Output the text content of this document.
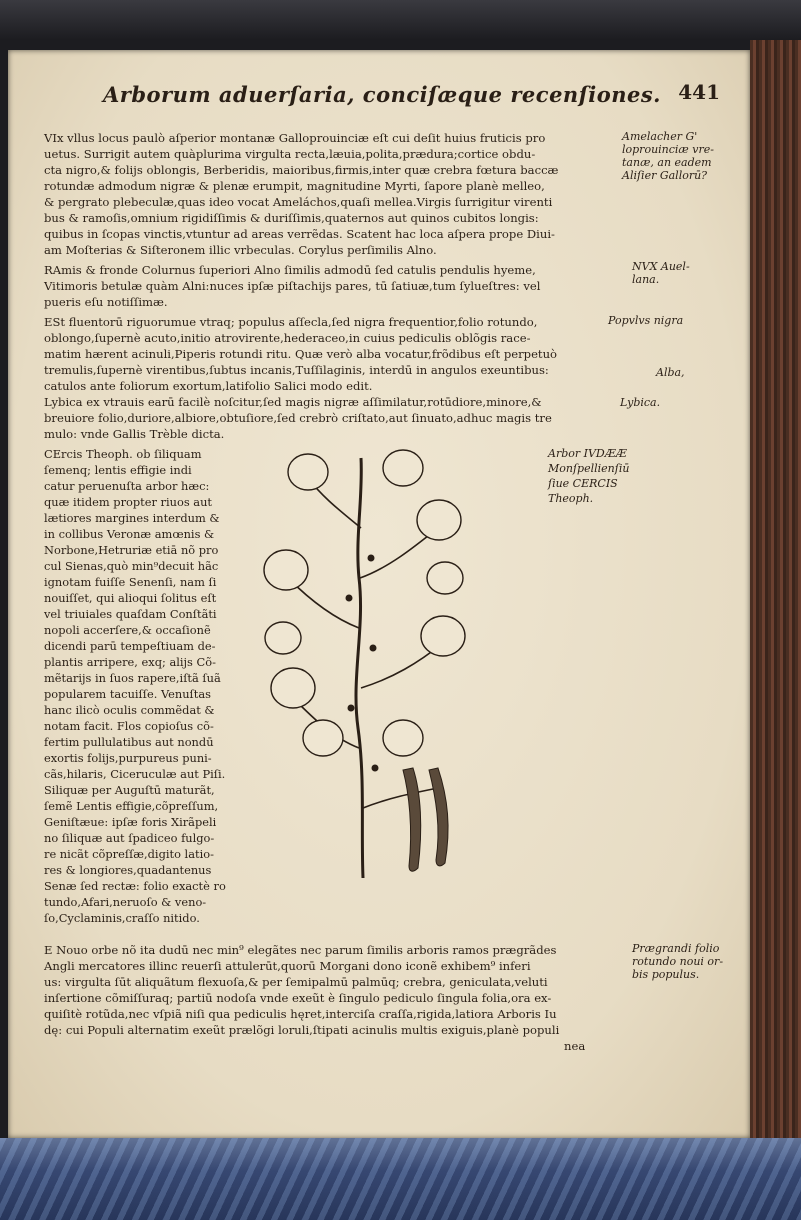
Arborum aduerſaria, conciſæque recenſiones. 441
VIx vllus locus paulò aſperior montanæ Galloprouinciæ eſt cui deſit huius fruticis pro
uetus. Surrigit autem quàplurima virgulta recta,læuia,polita,prædura;cortice obdu-
cta nigro,& folijs oblongis, Berberidis, maioribus,firmis,inter quæ crebra fœtura baccæ
rotundæ admodum nigræ & plenæ erumpit, magnitudine Myrti, ſapore planè melleo,
& pergrato plebeculæ,quas ideo vocat Ameláchos,quaſi mellea.Virgis ſurrigitur virenti
bus & ramoſis,omnium rigidiſſimis & duriſſimis,quaternos aut quinos cubitos longis:
quibus in ſcopas vinctis,vtuntur ad areas verrẽdas. Scatent hac loca aſpera prope Diui-
am Moſterias & Siſteronem illic vrbeculas. Corylus perſimilis Alno.
RAmis & fronde Colurnus ſuperiori Alno ſimilis admodū ſed catulis pendulis hyeme,
Vitimoris betulæ quàm Alni:nuces ipſæ piſtachijs pares, tū ſatiuæ,tum ſylueſtres: vel
pueris eſu notiſſimæ.
ESt fluentorū riguorumue vtraq; populus aſſecla,ſed nigra frequentior,folio rotundo,
oblongo,ſupernè acuto,initio atrovirente,hederaceo,in cuius pediculis oblõgis race-
matim hærent acinuli,Piperis rotundi ritu. Quæ verò alba vocatur,frõdibus eſt perpetuò
tremulis,ſupernè virentibus,ſubtus incanis,Tuſſilaginis, interdū in angulos exeuntibus:
catulos ante foliorum exortum,latifolio Salici modo edit.
Lybica ex vtrauis earū facilè noſcitur,ſed magis nigræ aſſimilatur,rotūdiore,minore,&
breuiore folio,duriore,albiore,obtuſiore,ſed crebrò criſtato,aut ſinuato,adhuc magis tre
mulo: vnde Gallis Trèble dicta.
CErcis Theoph. ob ſiliquam
ſemenq; lentis effigie indi
catur peruenuſta arbor hæc:
quæ itidem propter riuos aut
lætiores margines interdum &
in collibus Veronæ amœnis &
Norbone,Hetruriæ etiā nõ pro
cul Sienas,quò min⁹decuit hãc
ignotam fuiſſe Senenſi, nam ſi
nouiſſet, qui alioqui ſolitus eſt
vel triuiales quaſdam Conſtãti
nopoli accerſere,& occaſionẽ
dicendi parū tempeſtiuam de-
plantis arripere, exq; alijs Cõ-
mẽtarijs in ſuos rapere,iſtã ſuã
popularem tacuiſſe. Venuſtas
hanc ilicò oculis commẽdat &
notam facit. Flos copioſus cõ-
fertim pullulatibus aut nondū
exortis folijs,purpureus puni-
cãs,hilaris, Ciceruculæ aut Piſi.
Siliquæ per Auguſtū maturãt,
ſemẽ Lentis effigie,cõpreſſum,
Geniſtæue: ipſæ foris Xirãpeli
no ſiliquæ aut ſpadiceo fulgo-
re nicãt cõpreſſæ,digito latio-
res & longiores,quadantenus
Senæ ſed rectæ: folio exactè ro
tundo,Afari,neruoſo & veno-
ſo,Cyclaminis,craſſo nitido.
E Nouo orbe nõ ita dudū nec min⁹ elegãtes nec parum ſimilis arboris ramos prægrãdes
Angli mercatores illinc reuerſi attulerūt,quorū Morgani dono iconẽ exhibem⁹ inferi
us: virgulta ſūt aliquãtum flexuoſa,& per ſemipalmū palmūq; crebra, geniculata,veluti
inſertione cõmiſſuraq; partiū nodoſa vnde exeũt è ſingulo pediculo ſingula folia,ora ex-
quiſitè rotũda,nec vſpiã niſi qua pediculis hęret,interciſa craſſa,rigida,latiora Arboris Iu
dę: cui Populi alternatim exeũt prælõgi loruli,ſtipati acinulis multis exiguis,planè populi
nea
Amelacher G'
loprouinciæ vre-
tanæ, an eadem
Aliſier Gallorū?
NVX Auel-
lana.
Popvlvs nigra
Alba,
Lybica.
Arbor IVDÆÆ
Monſpellienſiū
ſiue CERCIS
Theoph.
Prægrandi folio
rotundo noui or-
bis populus.
